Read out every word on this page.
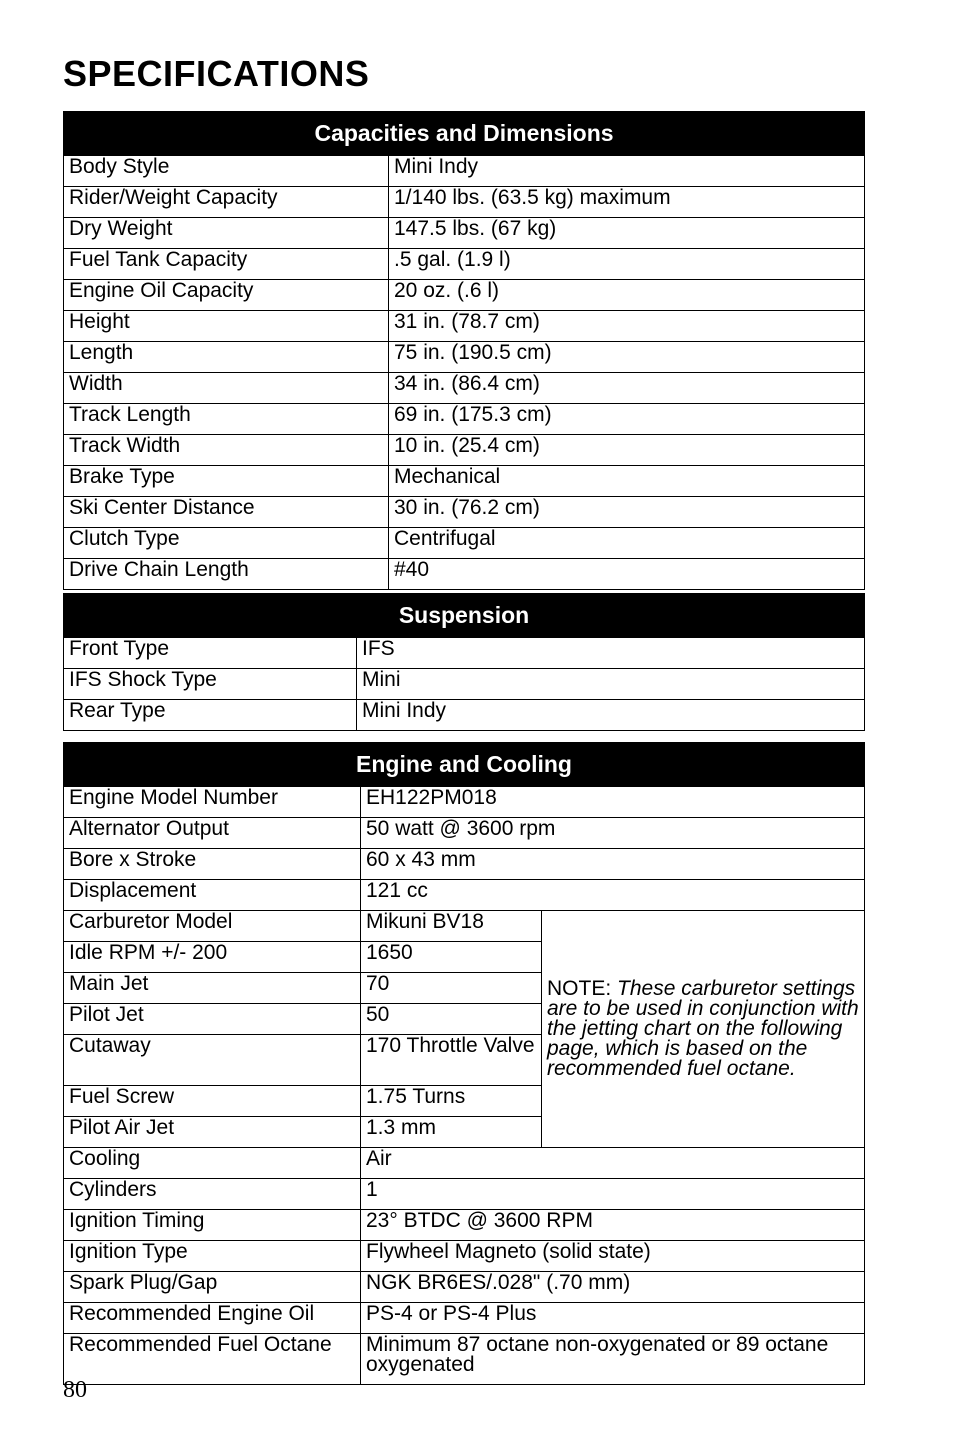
SPECIFICATIONS
Capacities and Dimensions	
Body Style	Mini Indy
Rider/Weight Capacity	1/140 lbs. (63.5 kg) maximum
Dry Weight	147.5 lbs. (67 kg)
Fuel Tank Capacity	.5 gal. (1.9 l)
Engine Oil Capacity	20 oz. (.6 l)
Height	31 in. (78.7 cm)
Length	75 in. (190.5 cm)
Width	34 in. (86.4 cm)
Track Length	69 in. (175.3 cm)
Track Width	10 in. (25.4 cm)
Brake Type	Mechanical
Ski Center Distance	30 in. (76.2 cm)
Clutch Type	Centrifugal
Drive Chain Length	#40
Suspension	
Front Type	IFS
IFS Shock Type	Mini
Rear Type	Mini Indy
Engine and Cooling		
Engine Model Number	EH122PM018	
Alternator Output	50 watt @ 3600 rpm	
Bore x Stroke	60 x 43 mm	
Displacement	121 cc	
Carburetor Model	Mikuni BV18	NOTE: These carburetor settings are to be used in conjunction with the jetting chart on the following page, which is based on the recommended fuel octane.
Idle RPM +/- 200	1650	
Main Jet	70	
Pilot Jet	50	
Cutaway	170 Throttle Valve	
Fuel Screw	1.75 Turns	
Pilot Air Jet	1.3 mm	
Cooling	Air	
Cylinders	1	
Ignition Timing	23° BTDC @ 3600 RPM	
Ignition Type	Flywheel Magneto (solid state)	
Spark Plug/Gap	NGK BR6ES/.028" (.70 mm)	
Recommended Engine Oil	PS-4 or PS-4 Plus	
Recommended Fuel Octane	Minimum 87 octane non-oxygenated or 89 octane oxygenated	
80
